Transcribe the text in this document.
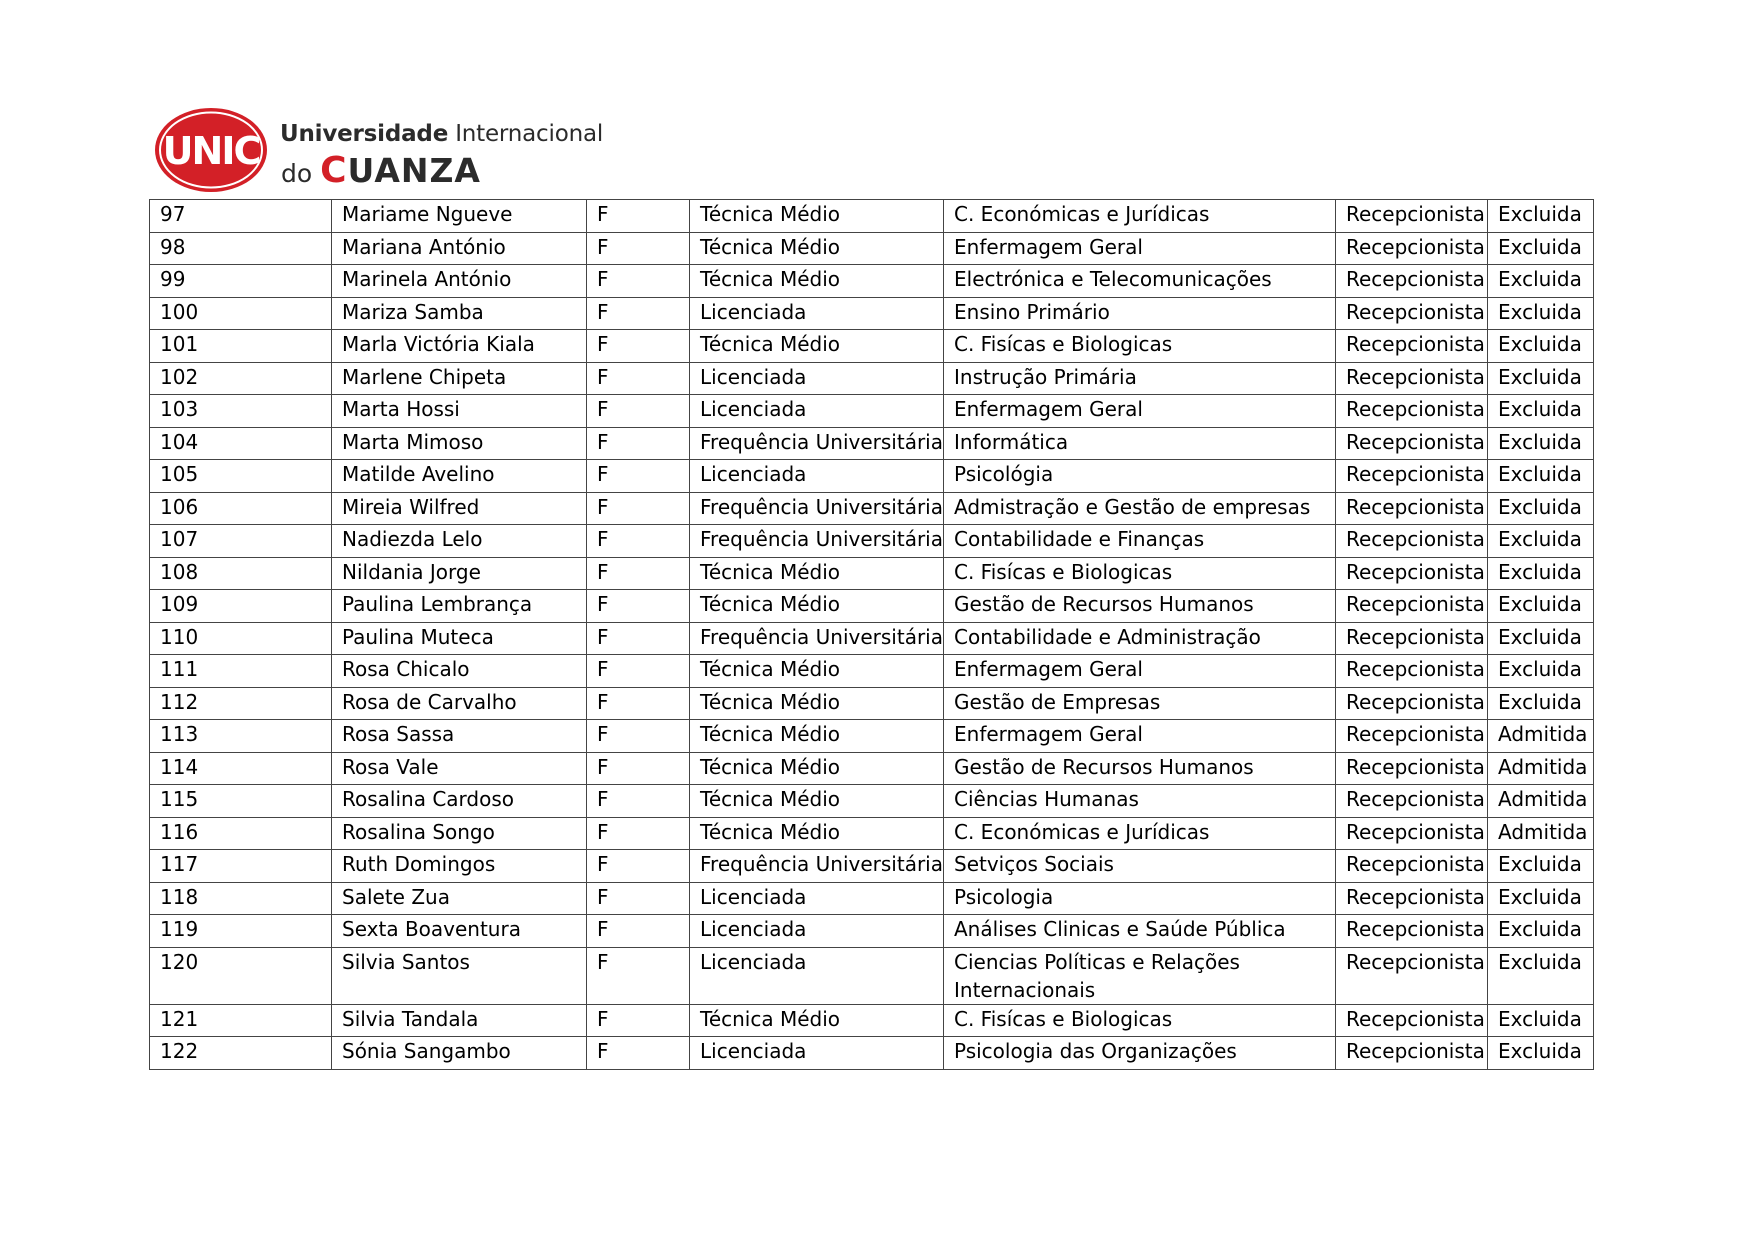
UNIC Universidade Internacional
do CUANZA
97	Mariame Ngueve	F	Técnica Médio	C. Económicas e Jurídicas	Recepcionista	Excluida
98	Mariana António	F	Técnica Médio	Enfermagem Geral	Recepcionista	Excluida
99	Marinela António	F	Técnica Médio	Electrónica e Telecomunicações	Recepcionista	Excluida
100	Mariza Samba	F	Licenciada	Ensino Primário	Recepcionista	Excluida
101	Marla Victória Kiala	F	Técnica Médio	C. Fisícas e Biologicas	Recepcionista	Excluida
102	Marlene Chipeta	F	Licenciada	Instrução Primária	Recepcionista	Excluida
103	Marta Hossi	F	Licenciada	Enfermagem Geral	Recepcionista	Excluida
104	Marta Mimoso	F	Frequência Universitária	Informática	Recepcionista	Excluida
105	Matilde Avelino	F	Licenciada	Psicológia	Recepcionista	Excluida
106	Mireia Wilfred	F	Frequência Universitária	Admistração e Gestão de empresas	Recepcionista	Excluida
107	Nadiezda Lelo	F	Frequência Universitária	Contabilidade e Finanças	Recepcionista	Excluida
108	Nildania Jorge	F	Técnica Médio	C. Fisícas e Biologicas	Recepcionista	Excluida
109	Paulina Lembrança	F	Técnica Médio	Gestão de Recursos Humanos	Recepcionista	Excluida
110	Paulina Muteca	F	Frequência Universitária	Contabilidade e Administração	Recepcionista	Excluida
111	Rosa Chicalo	F	Técnica Médio	Enfermagem Geral	Recepcionista	Excluida
112	Rosa de Carvalho	F	Técnica Médio	Gestão de Empresas	Recepcionista	Excluida
113	Rosa Sassa	F	Técnica Médio	Enfermagem Geral	Recepcionista	Admitida
114	Rosa Vale	F	Técnica Médio	Gestão de Recursos Humanos	Recepcionista	Admitida
115	Rosalina Cardoso	F	Técnica Médio	Ciências Humanas	Recepcionista	Admitida
116	Rosalina Songo	F	Técnica Médio	C. Económicas e Jurídicas	Recepcionista	Admitida
117	Ruth Domingos	F	Frequência Universitária	Setviços Sociais	Recepcionista	Excluida
118	Salete Zua	F	Licenciada	Psicologia	Recepcionista	Excluida
119	Sexta Boaventura	F	Licenciada	Análises Clinicas e Saúde Pública	Recepcionista	Excluida
120	Silvia Santos	F	Licenciada	Ciencias Políticas e Relações Internacionais	Recepcionista	Excluida
121	Silvia Tandala	F	Técnica Médio	C. Fisícas e Biologicas	Recepcionista	Excluida
122	Sónia Sangambo	F	Licenciada	Psicologia das Organizações	Recepcionista	Excluida
